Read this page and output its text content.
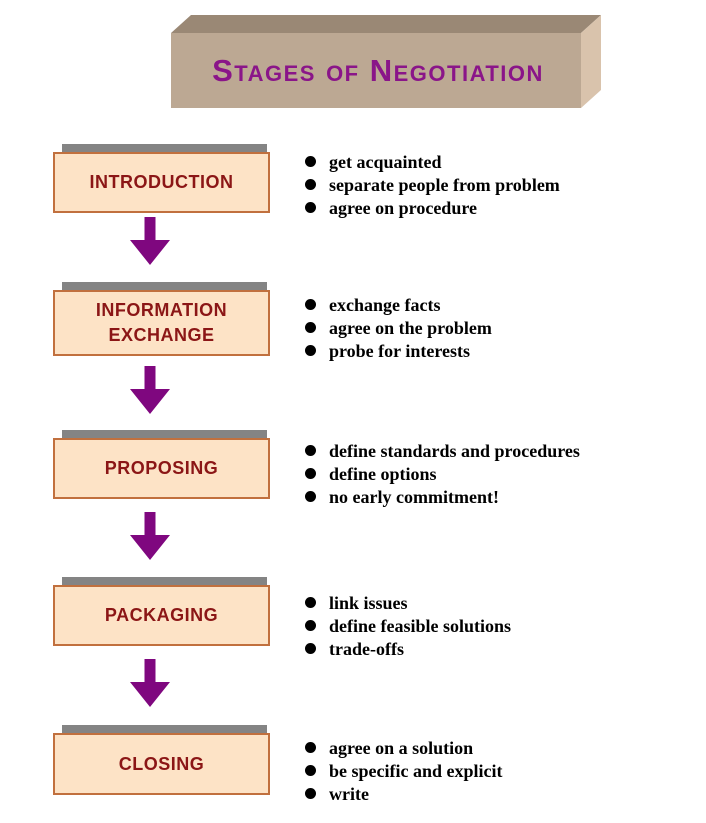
Stages of Negotiation
INTRODUCTION
get acquainted
separate people from problem
agree on procedure
INFORMATION EXCHANGE
exchange facts
agree on the problem
probe for interests
PROPOSING
define standards and procedures
define options
no early commitment!
PACKAGING
link issues
define feasible solutions
trade-offs
CLOSING
agree on a solution
be specific and explicit
write
